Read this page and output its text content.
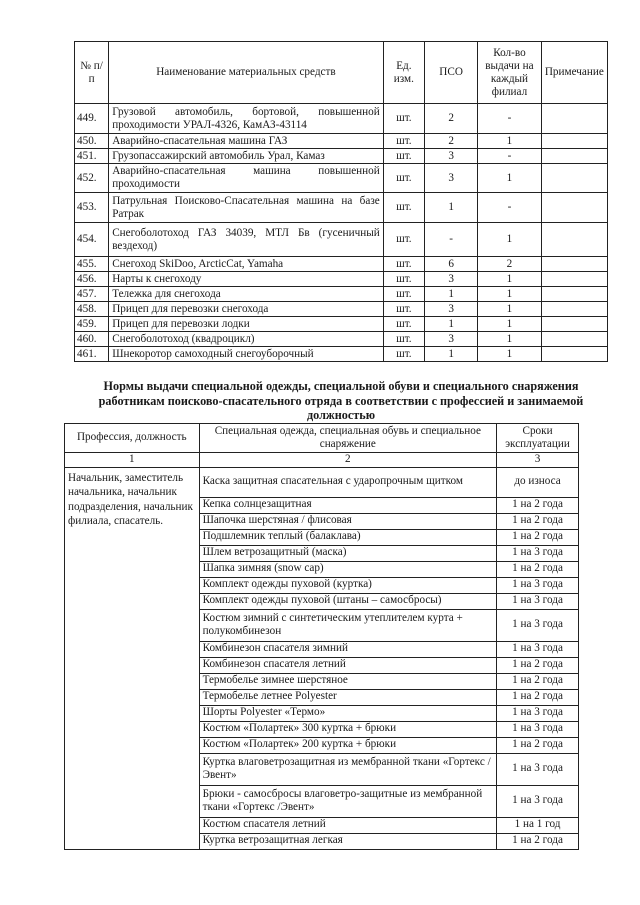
№ п/п	Наименование материальных средств	Ед. изм.	ПСО	Кол-во выдачи на каждый филиал	Примечание
449.	Грузовой автомобиль, бортовой, повышенной проходимости УРАЛ-4326, КамАЗ-43114	шт.	2	-	
450.	Аварийно-спасательная машина ГАЗ	шт.	2	1	
451.	Грузопассажирский автомобиль Урал, Камаз	шт.	3	-	
452.	Аварийно-спасательная машина повышенной проходимости	шт.	3	1	
453.	Патрульная Поисково-Спасательная машина на базе Ратрак	шт.	1	-	
454.	Снегоболотоход ГАЗ 34039, МТЛ Бв (гусеничный вездеход)	шт.	-	1	
455.	Снегоход SkiDoo, ArcticCat, Yamaha	шт.	6	2	
456.	Нарты к снегоходу	шт.	3	1	
457.	Тележка для снегохода	шт.	1	1	
458.	Прицеп для перевозки снегохода	шт.	3	1	
459.	Прицеп для перевозки лодки	шт.	1	1	
460.	Снегоболотоход (квадроцикл)	шт.	3	1	
461.	Шнекоротор самоходный снегоуборочный	шт.	1	1	
Нормы выдачи специальной одежды, специальной обуви и специального снаряжения работникам поисково-спасательного отряда в соответствии с профессией и занимаемой должностью
Профессия, должность	Специальная одежда, специальная обувь и специальное снаряжение	Сроки эксплуатации
1	2	3
Начальник, заместитель начальника, начальник подразделения, начальник филиала, спасатель.	Каска защитная спасательная с ударопрочным щитком	до износа
	Кепка солнцезащитная	1 на 2 года
	Шапочка шерстяная / флисовая	1 на 2 года
	Подшлемник теплый (балаклава)	1 на 2 года
	Шлем ветрозащитный (маска)	1 на 3 года
	Шапка зимняя (snow cap)	1 на 2 года
	Комплект одежды пуховой (куртка)	1 на 3 года
	Комплект одежды пуховой (штаны – самосбросы)	1 на 3 года
	Костюм зимний с синтетическим утеплителем курта + полукомбинезон	1 на 3 года
	Комбинезон спасателя зимний	1 на 3 года
	Комбинезон спасателя летний	1 на 2 года
	Термобелье зимнее шерстяное	1 на 2 года
	Термобелье летнее Polyester	1 на 2 года
	Шорты Polyester «Термо»	1 на 3 года
	Костюм «Полартек» 300 куртка + брюки	1 на 3 года
	Костюм «Полартек» 200 куртка + брюки	1 на 2 года
	Куртка влаговетрозащитная из мембранной ткани «Гортекс /Эвент»	1 на 3 года
	Брюки - самосбросы влаговетро-защитные из мембранной ткани «Гортекс /Эвент»	1 на 3 года
	Костюм спасателя летний	1 на 1 год
	Куртка ветрозащитная легкая	1 на 2 года
